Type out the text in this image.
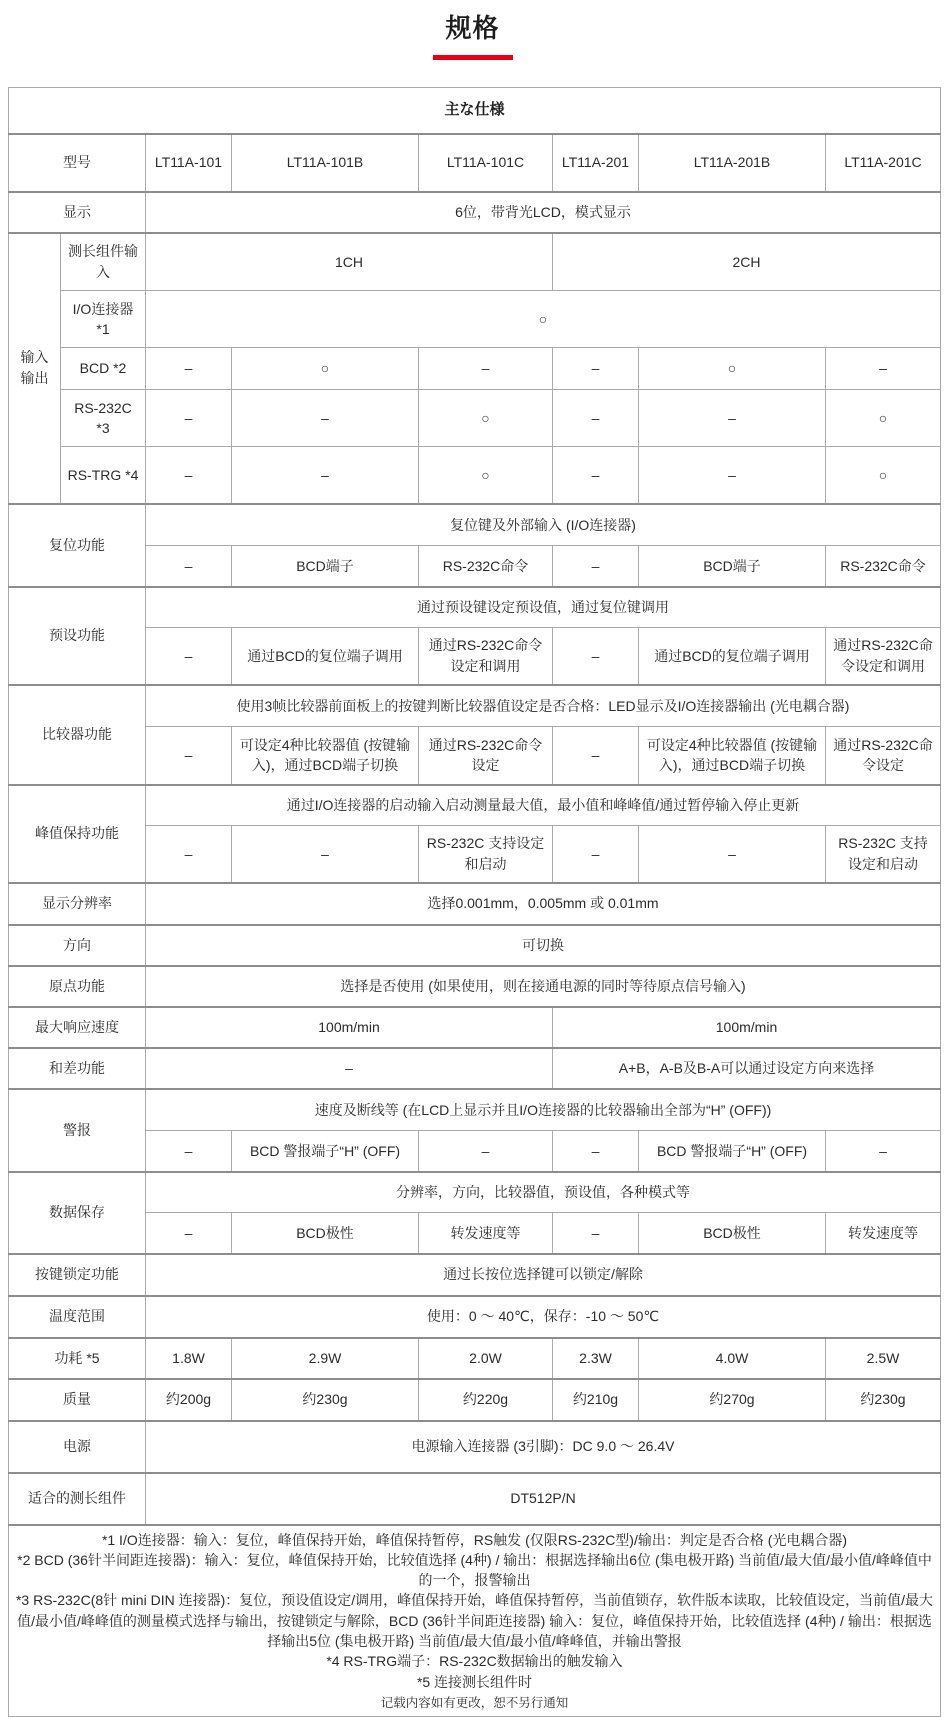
规格
主な仕様							
型号		LT11A-101	LT11A-101B	LT11A-101C	LT11A-201	LT11A-201B	LT11A-201C
显示		6位，带背光LCD，模式显示					
输入输出	测长组件输入	1CH			2CH		
	I/O连接器 *1	○					
	BCD *2	–	○	–	–	○	–
	RS-232C *3	–	–	○	–	–	○
	RS-TRG *4	–	–	○	–	–	○
复位功能		复位键及外部输入 (I/O连接器)					
		–	BCD端子	RS-232C命令	–	BCD端子	RS-232C命令
预设功能		通过预设键设定预设值，通过复位键调用					
		–	通过BCD的复位端子调用	通过RS-232C命令设定和调用	–	通过BCD的复位端子调用	通过RS-232C命令设定和调用
比较器功能		使用3帧比较器前面板上的按键判断比较器值设定是否合格：LED显示及I/O连接器输出 (光电耦合器)					
		–	可设定4种比较器值 (按键输入)，通过BCD端子切换	通过RS-232C命令设定	–	可设定4种比较器值 (按键输入)，通过BCD端子切换	通过RS-232C命令设定
峰值保持功能		通过I/O连接器的启动输入启动测量最大值，最小值和峰峰值/通过暂停输入停止更新					
		–	–	RS-232C 支持设定和启动	–	–	RS-232C 支持设定和启动
显示分辨率		选择0.001mm，0.005mm 或 0.01mm					
方向		可切换					
原点功能		选择是否使用 (如果使用，则在接通电源的同时等待原点信号输入)					
最大响应速度		100m/min			100m/min		
和差功能		–			A+B，A-B及B-A可以通过设定方向来选择		
警报		速度及断线等 (在LCD上显示并且I/O连接器的比较器输出全部为“H” (OFF))					
		–	BCD 警报端子“H” (OFF)	–	–	BCD 警报端子“H” (OFF)	–
数据保存		分辨率，方向，比较器值，预设值，各种模式等					
		–	BCD极性	转发速度等	–	BCD极性	转发速度等
按键锁定功能		通过长按位选择键可以锁定/解除					
温度范围		使用：0 ～ 40℃，保存：-10 ～ 50℃					
功耗 *5		1.8W	2.9W	2.0W	2.3W	4.0W	2.5W
质量		约200g	约230g	约220g	约210g	约270g	约230g
电源		电源输入连接器 (3引脚)：DC 9.0 ～ 26.4V					
适合的测长组件		DT512P/N					

*1 I/O连接器：输入：复位，峰值保持开始，峰值保持暂停，RS触发 (仅限RS-232C型)/输出：判定是否合格 (光电耦合器)
*2 BCD (36针半间距连接器)：输入：复位，峰值保持开始，比较值选择 (4种) / 输出：根据选择输出6位 (集电极开路) 当前值/最大值/最小值/峰峰值中的一个，报警输出
*3 RS-232C(8针 mini DIN 连接器)：复位，预设值设定/调用，峰值保持开始，峰值保持暂停，当前值锁存，软件版本读取，比较值设定，当前值/最大值/最小值/峰峰值的测量模式选择与输出，按键锁定与解除，BCD (36针半间距连接器) 输入：复位，峰值保持开始，比较值选择 (4种) / 输出：根据选择输出5位 (集电极开路) 当前值/最大值/最小值/峰峰值，并输出警报
*4 RS-TRG端子：RS-232C数据输出的触发输入
*5 连接测长组件时
记载内容如有更改，恕不另行通知
